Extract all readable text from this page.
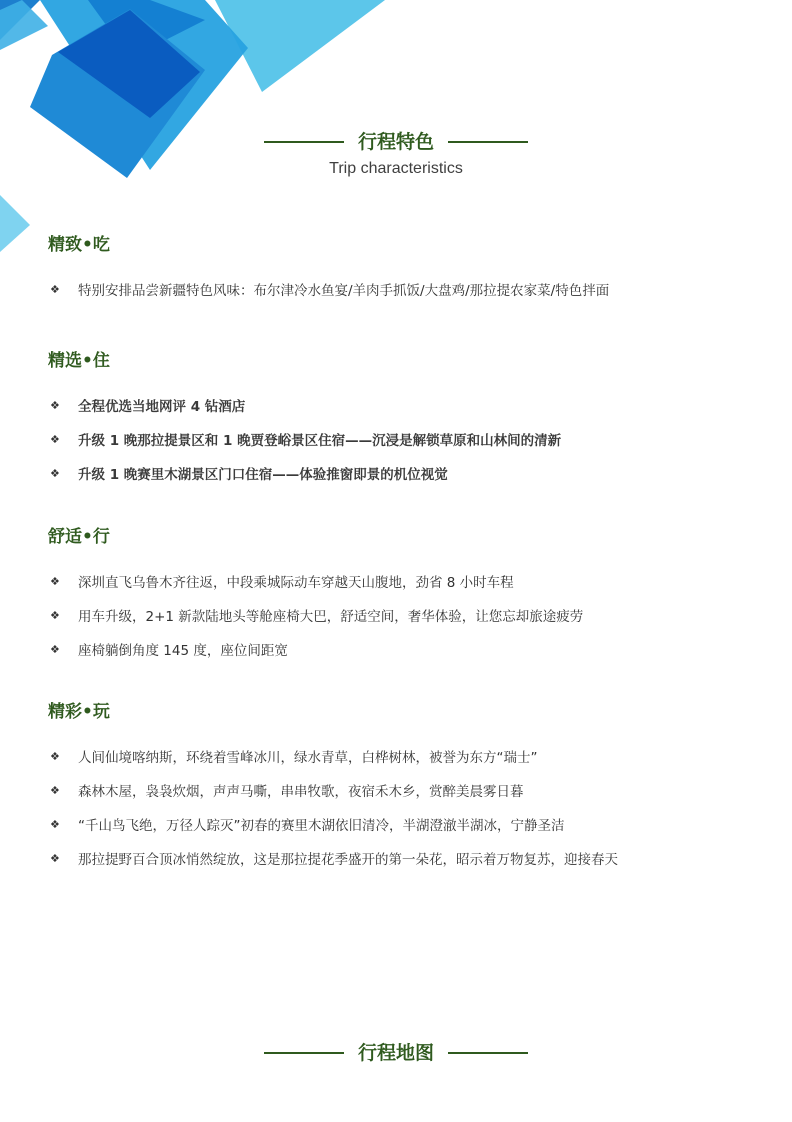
行程特色
Trip characteristics
精致•吃
❖	特别安排品尝新疆特色风味：布尔津冷水鱼宴/羊肉手抓饭/大盘鸡/那拉提农家菜/特色拌面
精选•住
❖	全程优选当地网评 4 钻酒店
❖	升级 1 晚那拉提景区和 1 晚贾登峪景区住宿——沉浸是解锁草原和山林间的清新
❖	升级 1 晚赛里木湖景区门口住宿——体验推窗即景的机位视觉
舒适•行
❖	深圳直飞乌鲁木齐往返，中段乘城际动车穿越天山腹地，劲省 8 小时车程
❖	用车升级，2+1 新款陆地头等舱座椅大巴，舒适空间，奢华体验，让您忘却旅途疲劳
❖	座椅躺倒角度 145 度，座位间距宽
精彩•玩
❖	人间仙境喀纳斯，环绕着雪峰冰川，绿水青草，白桦树林，被誉为东方“瑞士”
❖	森林木屋，袅袅炊烟，声声马嘶，串串牧歌，夜宿禾木乡，赏醉美晨雾日暮
❖	“千山鸟飞绝，万径人踪灭”初春的赛里木湖依旧清冷，半湖澄澈半湖冰，宁静圣洁
❖	那拉提野百合顶冰悄然绽放，这是那拉提花季盛开的第一朵花，昭示着万物复苏，迎接春天
行程地图
